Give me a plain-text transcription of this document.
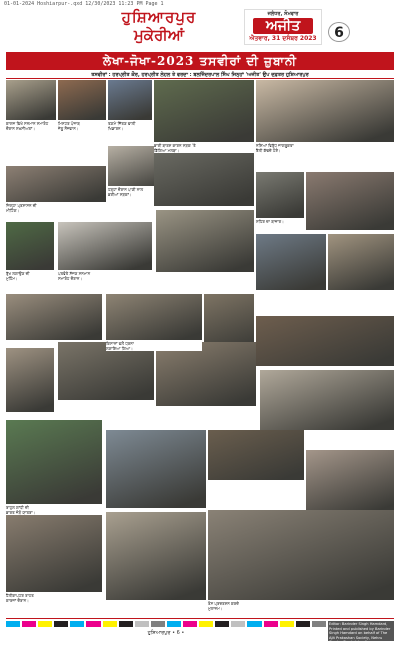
01-01-2024 Hoshiarpur-.qxd 12/30/2023 11:23 PM Page 1
ਹੁਸ਼ਿਆਰਪੁਰ
ਮੁਕੇਰੀਆਂ
ਜਲੰਧਰ, ਸੋਮਵਾਰ
ਅਜੀਤ
ਐਤਵਾਰ, 31 ਦਸੰਬਰ 2023	6
ਲੇਖਾ-ਜੋਖਾ-2023 ਤਸਵੀਰਾਂ ਦੀ ਜ਼ੁਬਾਨੀ
ਤਸਵੀਰਾਂ : ਹਰਪ੍ਰੀਤ ਕੌਰ, ਹਰਪ੍ਰੀਤ ਲੇਹਲ ਤੇ ਵਰਦਾ : ਬਲਜਿੰਦਰਪਾਲ ਸਿੰਘ ਜਿਨ੍ਹਾਂ 'ਅਜੀਤ' ਉਪ ਦਫ਼ਤਰ ਹੁਸ਼ਿਆਰਪੁਰ
ਕਾਲਜ ਵਿਖੇ ਸਨਮਾਨ ਸਮਾਰੋਹ
ਦੌਰਾਨ ਸ਼ਖ਼ਸੀਅਤਾਂ।
ਮਿਸਟਰ ਪੰਜਾਬ
ਜੇਤੂ ਨੌਜਵਾਨ।
ਤਗ਼ਮੇ ਜਿੱਤਣ ਵਾਲੀ
ਖਿਡਾਰਨ।
ਭਾਰੀ ਬਾਰਸ਼ ਕਾਰਨ ਸੜਕ 'ਤੇ
ਡਿੱਗਿਆ ਮਲਬਾ।
ਨਸ਼ਿਆਂ ਵਿਰੁੱਧ ਜਾਗਰੂਕਤਾ
ਰੈਲੀ ਕੱਢਦੇ ਹੋਏ।
ਜ਼ਿਲ੍ਹਾ ਪ੍ਰਸ਼ਾਸਨ ਦੀ
ਮੀਟਿੰਗ।
ਹੜ੍ਹਾਂ ਦੌਰਾਨ ਪਾਣੀ ਨਾਲ
ਭਰੀਆਂ ਸੜਕਾਂ।
ਸ਼ਹਿਰ ਦਾ ਬਾਜ਼ਾਰ।
ਰੁੱਖ ਲਗਾਉਣ ਦੀ
ਮੁਹਿੰਮ।
ਪਤਵੰਤੇ ਸੱਜਣ ਸਨਮਾਨ
ਸਮਾਰੋਹ ਦੌਰਾਨ।
ਕਿਸਾਨਾਂ ਵਲੋਂ ਧਰਨਾ
ਲਗਾਇਆ ਗਿਆ।
ਰਾਹੁਲ ਗਾਂਧੀ ਦੀ
ਭਾਰਤ ਜੋੜੋ ਯਾਤਰਾ।
ਹੈਲੀਕਾਪਟਰ ਰਾਹਤ
ਕਾਰਜਾਂ ਦੌਰਾਨ।
ਰੋਸ ਪ੍ਰਦਰਸ਼ਨ ਕਰਦੇ
ਮੁਲਾਜ਼ਮ।
ਹੁਸ਼ਿਆਰਪੁਰ • 6 •
Editor: Barinder Singh Hamdard, Printed and published by Barinder Singh Hamdard on behalf of The Ajit Prakashan Society, Nehru Garden Road, Jalandhar.
